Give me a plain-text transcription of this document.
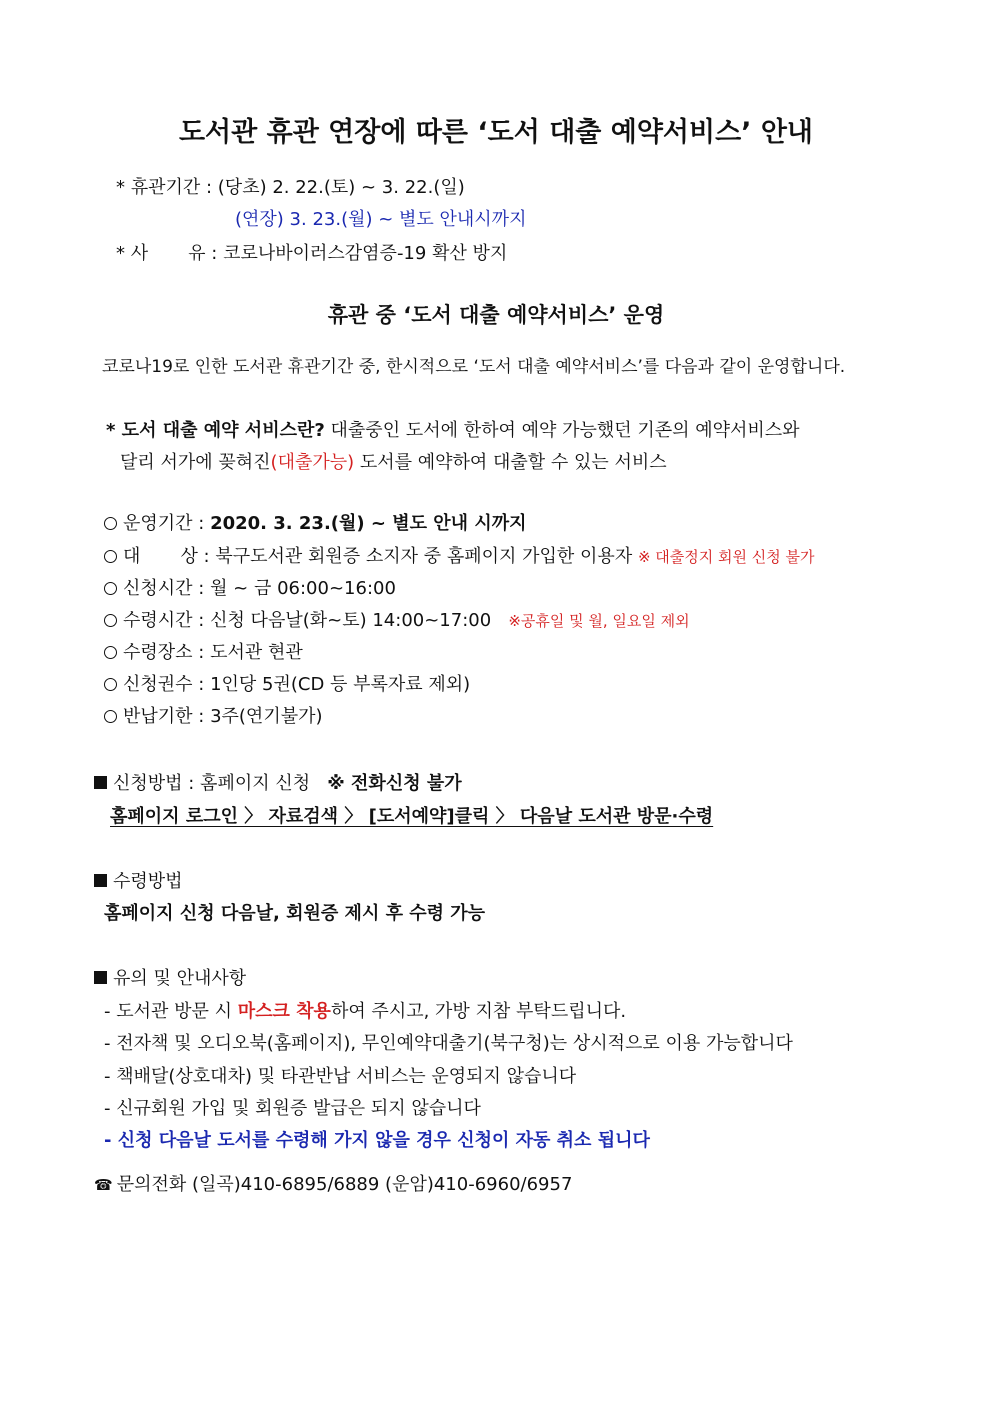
도서관 휴관 연장에 따른 ‘도서 대출 예약서비스’ 안내
* 휴관기간 : (당초) 2. 22.(토) ~ 3. 22.(일)
(연장) 3. 23.(월) ~ 별도 안내시까지
* 사       유 : 코로나바이러스감염증-19 확산 방지
휴관 중 ‘도서 대출 예약서비스’ 운영
코로나19로 인한 도서관 휴관기간 중, 한시적으로 ‘도서 대출 예약서비스’를 다음과 같이 운영합니다.
* 도서 대출 예약 서비스란? 대출중인 도서에 한하여 예약 가능했던 기존의 예약서비스와
달리 서가에 꽂혀진(대출가능) 도서를 예약하여 대출할 수 있는 서비스
운영기간 : 2020. 3. 23.(월) ~ 별도 안내 시까지
대       상 : 북구도서관 회원증 소지자 중 홈페이지 가입한 이용자 ※ 대출정지 회원 신청 불가
신청시간 : 월 ~ 금 06:00~16:00
수령시간 : 신청 다음날(화~토) 14:00~17:00   ※공휴일 및 월, 일요일 제외
수령장소 : 도서관 현관
신청권수 : 1인당 5권(CD 등 부록자료 제외)
반납기한 : 3주(연기불가)
신청방법 : 홈페이지 신청   ※ 전화신청 불가
홈페이지 로그인 〉 자료검색 〉 [도서예약]클릭 〉 다음날 도서관 방문·수령
수령방법
홈페이지 신청 다음날, 회원증 제시 후 수령 가능
유의 및 안내사항
- 도서관 방문 시 마스크 착용하여 주시고, 가방 지참 부탁드립니다.
- 전자책 및 오디오북(홈페이지), 무인예약대출기(북구청)는 상시적으로 이용 가능합니다
- 책배달(상호대차) 및 타관반납 서비스는 운영되지 않습니다
- 신규회원 가입 및 회원증 발급은 되지 않습니다
- 신청 다음날 도서를 수령해 가지 않을 경우 신청이 자동 취소 됩니다
☎ 문의전화 (일곡)410-6895/6889 (운암)410-6960/6957
